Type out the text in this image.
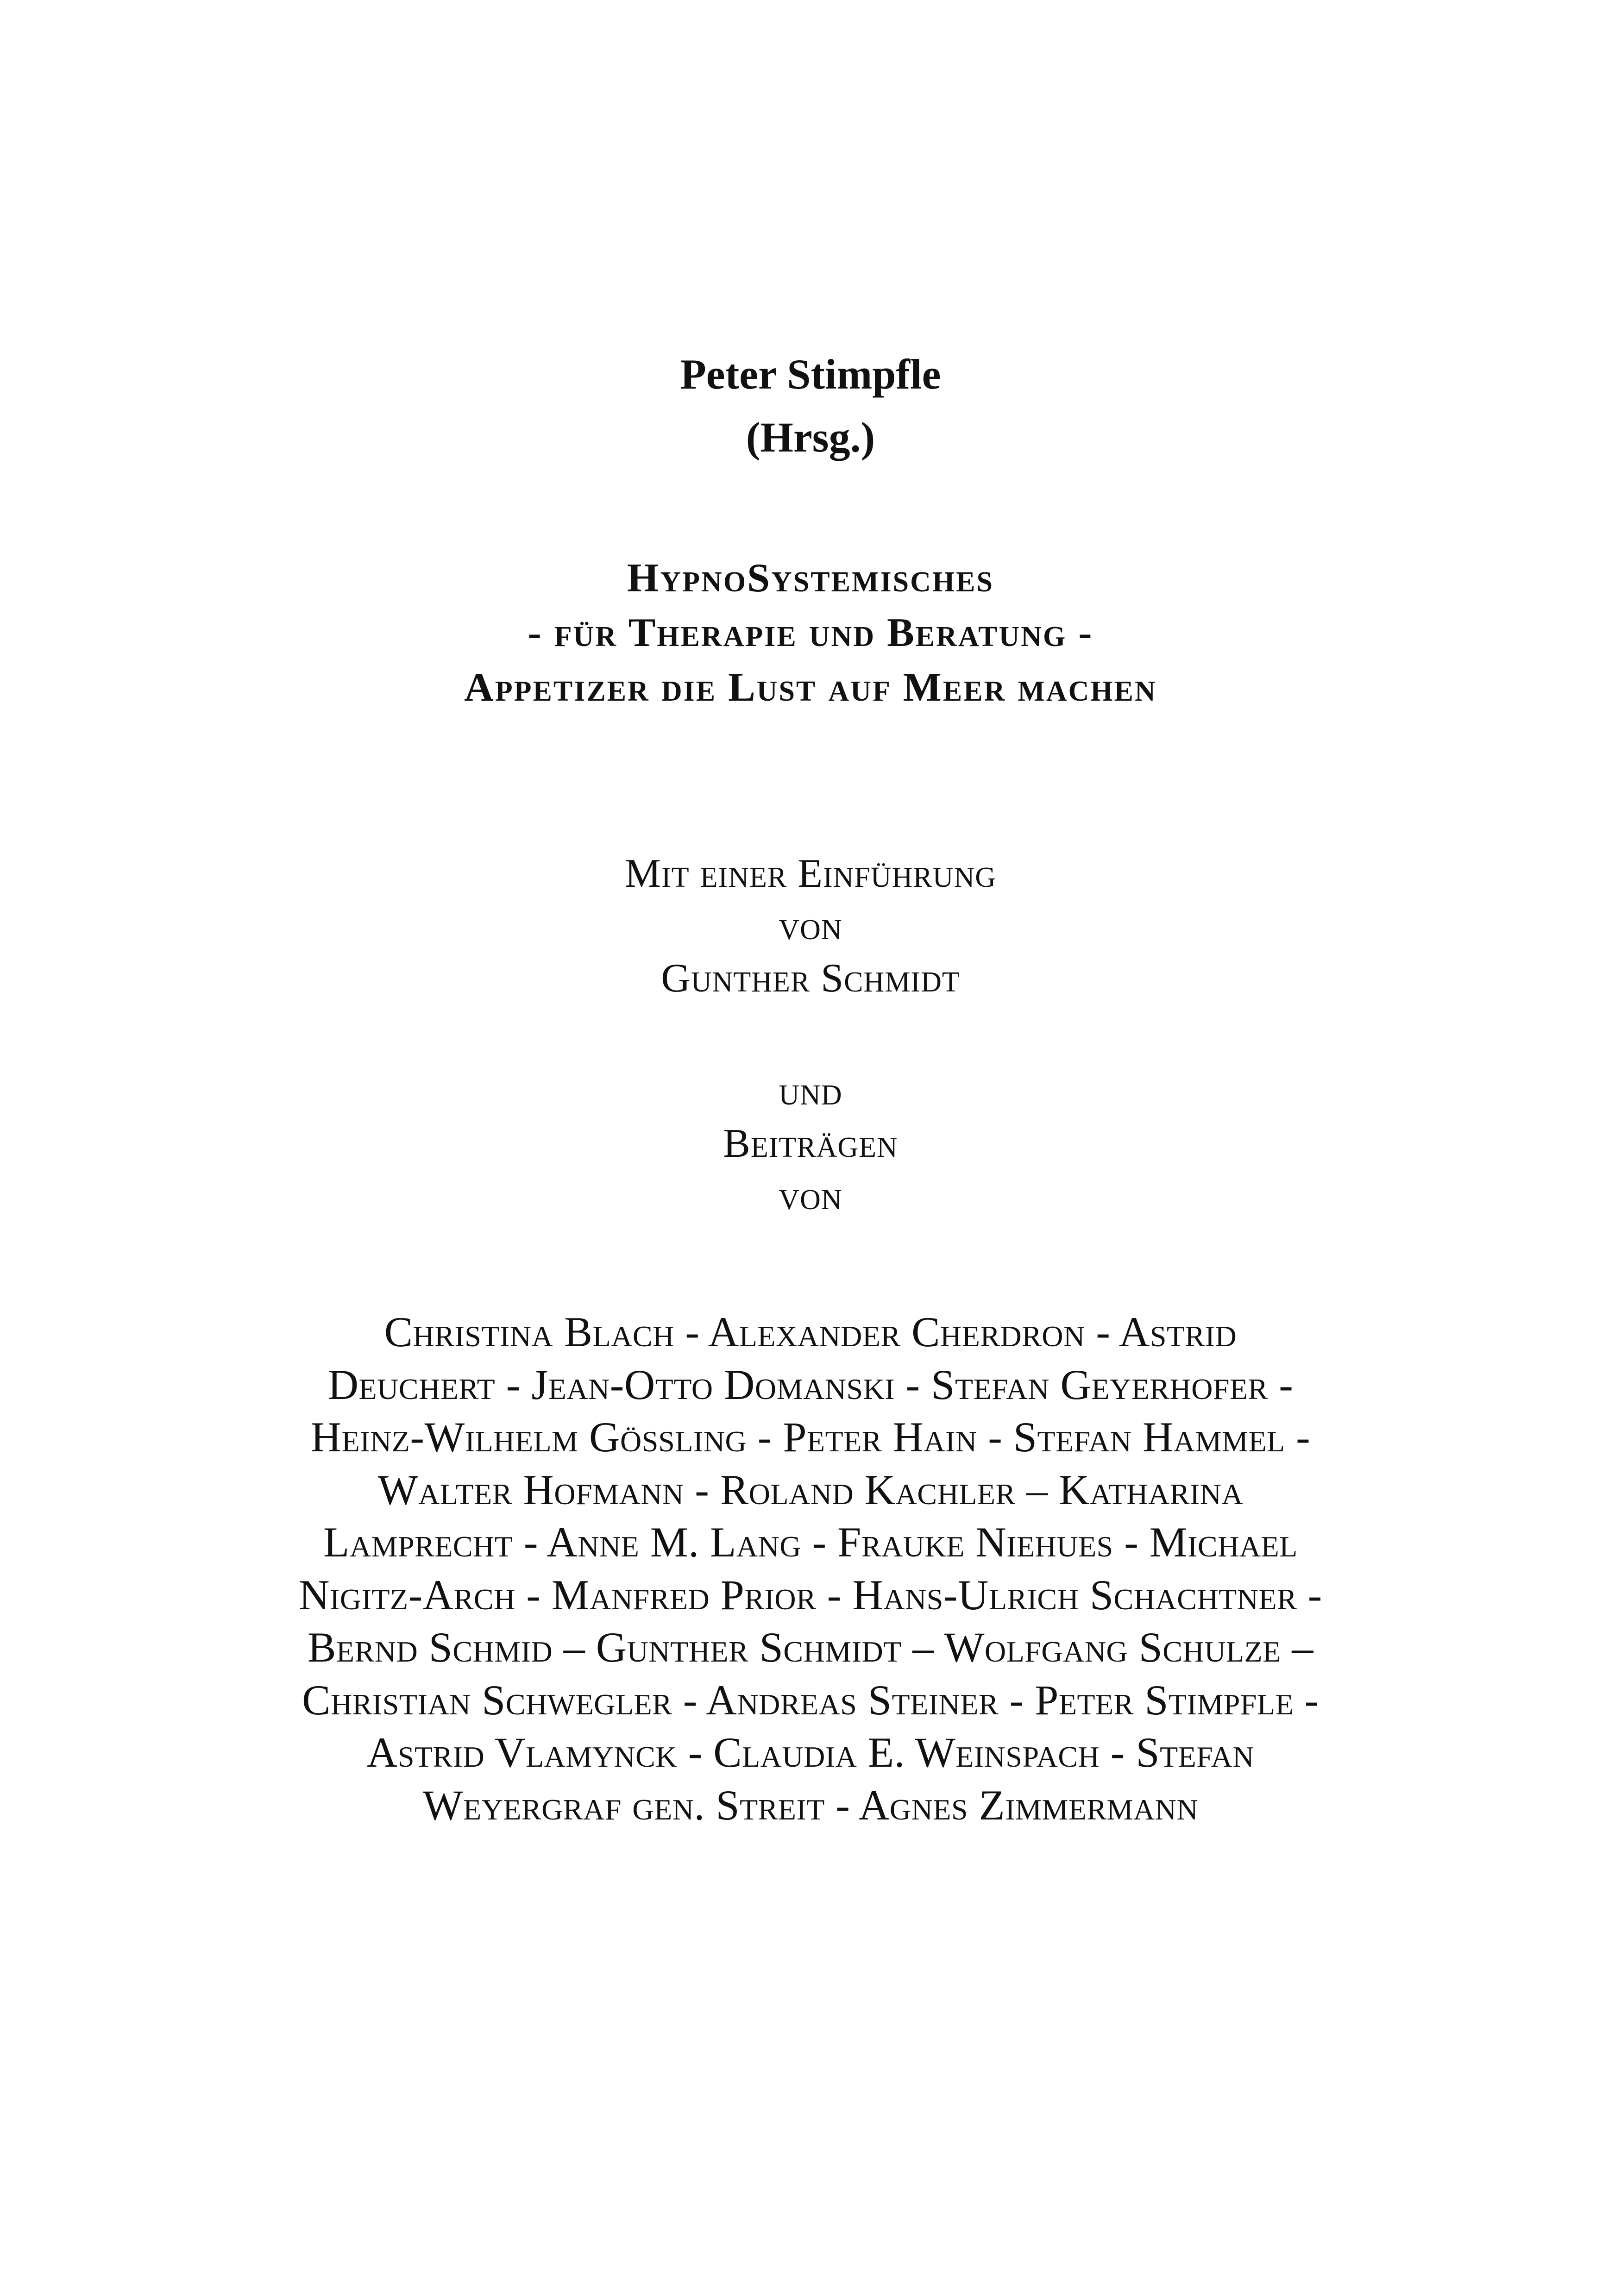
Peter Stimpfle
(Hrsg.)
HypnoSystemisches
- für Therapie und Beratung -
Appetizer die Lust auf Meer machen
Mit einer Einführung
von
Gunther Schmidt
und
Beiträgen
von
Christina Blach - Alexander Cherdron - Astrid
Deuchert - Jean-Otto Domanski - Stefan Geyerhofer -
Heinz-Wilhelm Gößling - Peter Hain - Stefan Hammel -
Walter Hofmann - Roland Kachler – Katharina
Lamprecht - Anne M. Lang - Frauke Niehues - Michael
Nigitz-Arch - Manfred Prior - Hans-Ulrich Schachtner -
Bernd Schmid – Gunther Schmidt – Wolfgang Schulze –
Christian Schwegler - Andreas Steiner - Peter Stimpfle -
Astrid Vlamynck - Claudia E. Weinspach - Stefan
Weyergraf gen. Streit - Agnes Zimmermann
